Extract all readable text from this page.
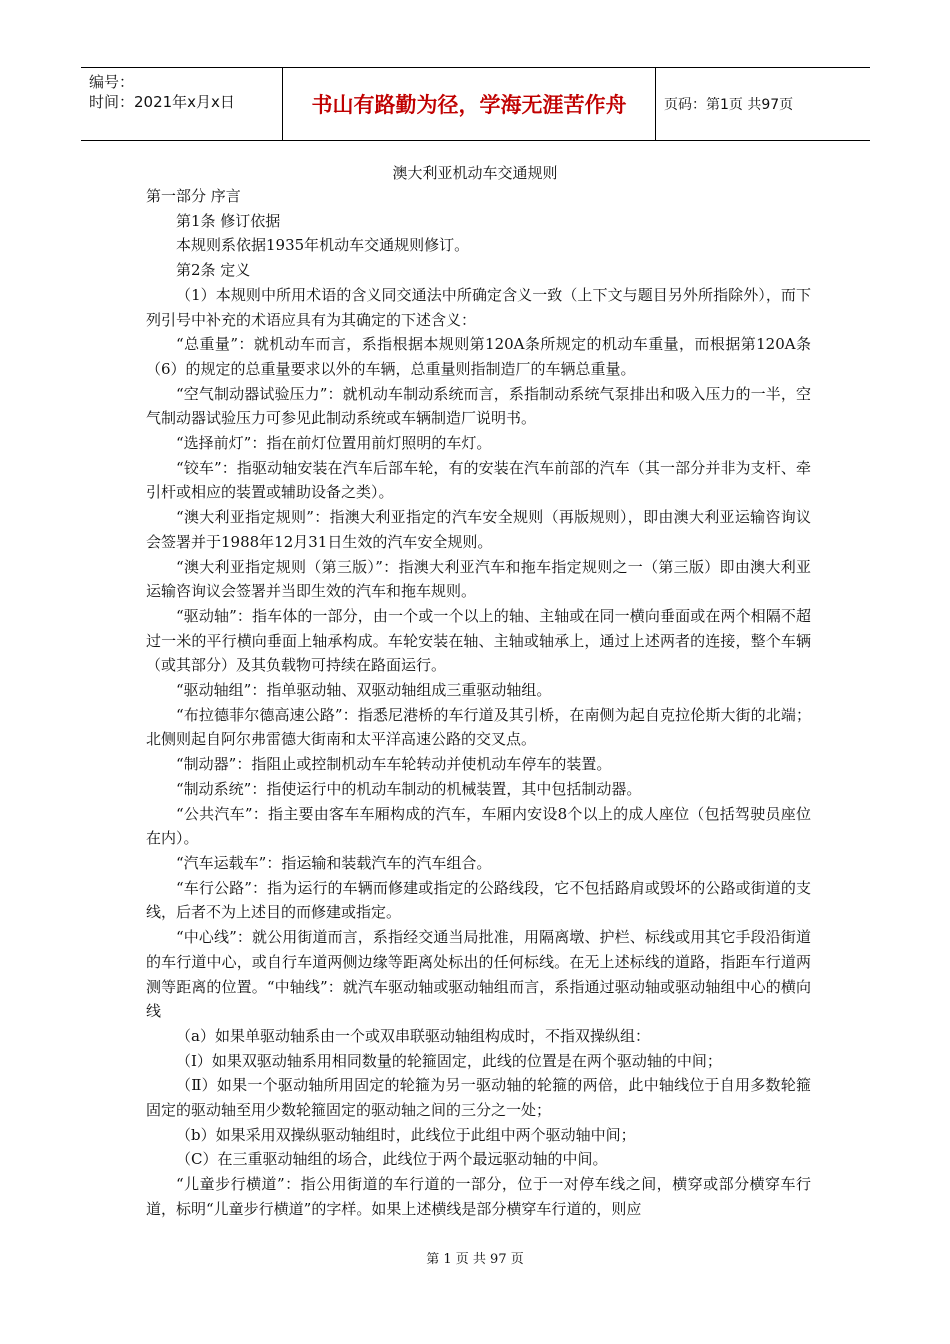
编号：
时间：2021年x月x日	书山有路勤为径，学海无涯苦作舟	页码：第1页 共97页
澳大利亚机动车交通规则

第一部分 序言

第1条 修订依据

本规则系依据1935年机动车交通规则修订。

第2条 定义

（1）本规则中所用术语的含义同交通法中所确定含义一致（上下文与题目另外所指除外），而下列引号中补充的术语应具有为其确定的下述含义：

“总重量”：就机动车而言，系指根据本规则第120A条所规定的机动车重量，而根据第120A条（6）的规定的总重量要求以外的车辆，总重量则指制造厂的车辆总重量。

“空气制动器试验压力”：就机动车制动系统而言，系指制动系统气泵排出和吸入压力的一半，空气制动器试验压力可参见此制动系统或车辆制造厂说明书。

“选择前灯”：指在前灯位置用前灯照明的车灯。

“铰车”：指驱动轴安装在汽车后部车轮，有的安装在汽车前部的汽车（其一部分并非为支杆、牵引杆或相应的装置或辅助设备之类）。

“澳大利亚指定规则”：指澳大利亚指定的汽车安全规则（再版规则），即由澳大利亚运输咨询议会签署并于1988年12月31日生效的汽车安全规则。

“澳大利亚指定规则（第三版）”：指澳大利亚汽车和拖车指定规则之一（第三版）即由澳大利亚运输咨询议会签署并当即生效的汽车和拖车规则。

“驱动轴”：指车体的一部分，由一个或一个以上的轴、主轴或在同一横向垂面或在两个相隔不超过一米的平行横向垂面上轴承构成。车轮安装在轴、主轴或轴承上，通过上述两者的连接，整个车辆（或其部分）及其负载物可持续在路面运行。

“驱动轴组”：指单驱动轴、双驱动轴组成三重驱动轴组。

“布拉德菲尔德高速公路”：指悉尼港桥的车行道及其引桥，在南侧为起自克拉伦斯大街的北端；北侧则起自阿尔弗雷德大街南和太平洋高速公路的交叉点。

“制动器”：指阻止或控制机动车车轮转动并使机动车停车的装置。

“制动系统”：指使运行中的机动车制动的机械装置，其中包括制动器。

“公共汽车”：指主要由客车车厢构成的汽车，车厢内安设8个以上的成人座位（包括驾驶员座位在内）。

“汽车运载车”：指运输和装载汽车的汽车组合。

“车行公路”：指为运行的车辆而修建或指定的公路线段，它不包括路肩或毁坏的公路或街道的支线，后者不为上述目的而修建或指定。

“中心线”：就公用街道而言，系指经交通当局批准，用隔离墩、护栏、标线或用其它手段沿街道的车行道中心，或自行车道两侧边缘等距离处标出的任何标线。在无上述标线的道路，指距车行道两测等距离的位置。“中轴线”：就汽车驱动轴或驱动轴组而言，系指通过驱动轴或驱动轴组中心的横向线

（a）如果单驱动轴系由一个或双串联驱动轴组构成时，不指双操纵组：

（Ⅰ）如果双驱动轴系用相同数量的轮箍固定，此线的位置是在两个驱动轴的中间；

（Ⅱ）如果一个驱动轴所用固定的轮箍为另一驱动轴的轮箍的两倍，此中轴线位于自用多数轮箍固定的驱动轴至用少数轮箍固定的驱动轴之间的三分之一处；

（b）如果采用双操纵驱动轴组时，此线位于此组中两个驱动轴中间；

（C）在三重驱动轴组的场合，此线位于两个最远驱动轴的中间。

“儿童步行横道”：指公用街道的车行道的一部分，位于一对停车线之间，横穿或部分横穿车行道，标明“儿童步行横道”的字样。如果上述横线是部分横穿车行道的，则应

第 1 页 共 97 页
